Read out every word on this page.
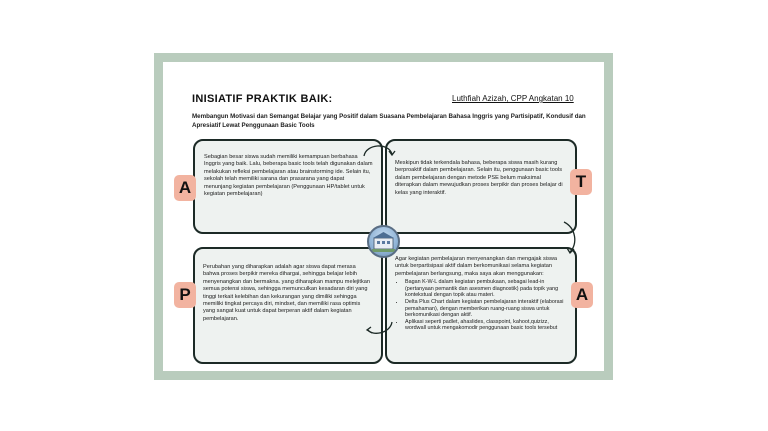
INISIATIF PRAKTIK BAIK:	Luthfiah Azizah, CPP Angkatan 10
Membangun Motivasi dan Semangat Belajar yang Positif dalam Suasana Pembelajaran Bahasa Inggris yang Partisipatif, Kondusif dan Apresiatif Lewat Penggunaan Basic Tools

Sebagian besar siswa sudah memiliki kemampuan berbahasa Inggris yang baik. Lalu, beberapa basic tools telah digunakan dalam melakukan refleksi pembelajaran atau brainstorming ide. Selain itu, sekolah telah memiliki sarana dan prasarana yang dapat menunjang kegiatan pembelajaran (Penggunaan HP/tablet untuk kegiatan pembelajaran)

Meskipun tidak terkendala bahasa, beberapa siswa masih kurang berproaktif dalam pembelajaran. Selain itu, penggunaan basic tools dalam pembelajaran dengan metode PSE belum maksimal diterapkan dalam mewujudkan proses berpikir dan proses belajar di kelas yang interaktif.

Perubahan yang diharapkan adalah agar siswa dapat merasa bahwa proses berpikir mereka dihargai, sehingga belajar lebih menyenangkan dan bermakna. yang diharapkan mampu melejitkan semua potensi siswa, sehingga memunculkan kesadaran diri yang tinggi terkait kelebihan dan kekurangan yang dimiliki sehingga memiliki tingkat percaya diri, mindset, dan memiliki rasa optimis yang sangat kuat untuk dapat berperan aktif dalam kegiatan pembelajaran.

Agar kegiatan pembelajaran menyenangkan dan mengajak siswa untuk berpartisipasi aktif dalam berkomunikasi selama kegiatan pembelajaran berlangsung, maka saya akan menggunakan:

• Bagan K-W-L dalam kegiatan pembukaan, sebagai lead-in (pertanyaan pemantik dan asesmen diagnostik) pada topik yang kontekstual dengan topik atau materi.
• Delta Plus Chart dalam kegiatan pembelajaran interaktif (elaborasi pemahaman), dengan memberikan ruang-ruang siswa untuk berkomunikasi dengan aktif.
• Aplikasi seperti padlet, ahaslides, classpoint, kahoot,quizizz, wordwall untuk mengakomodir penggunaan basic tools tersebut
A	T
P	A
